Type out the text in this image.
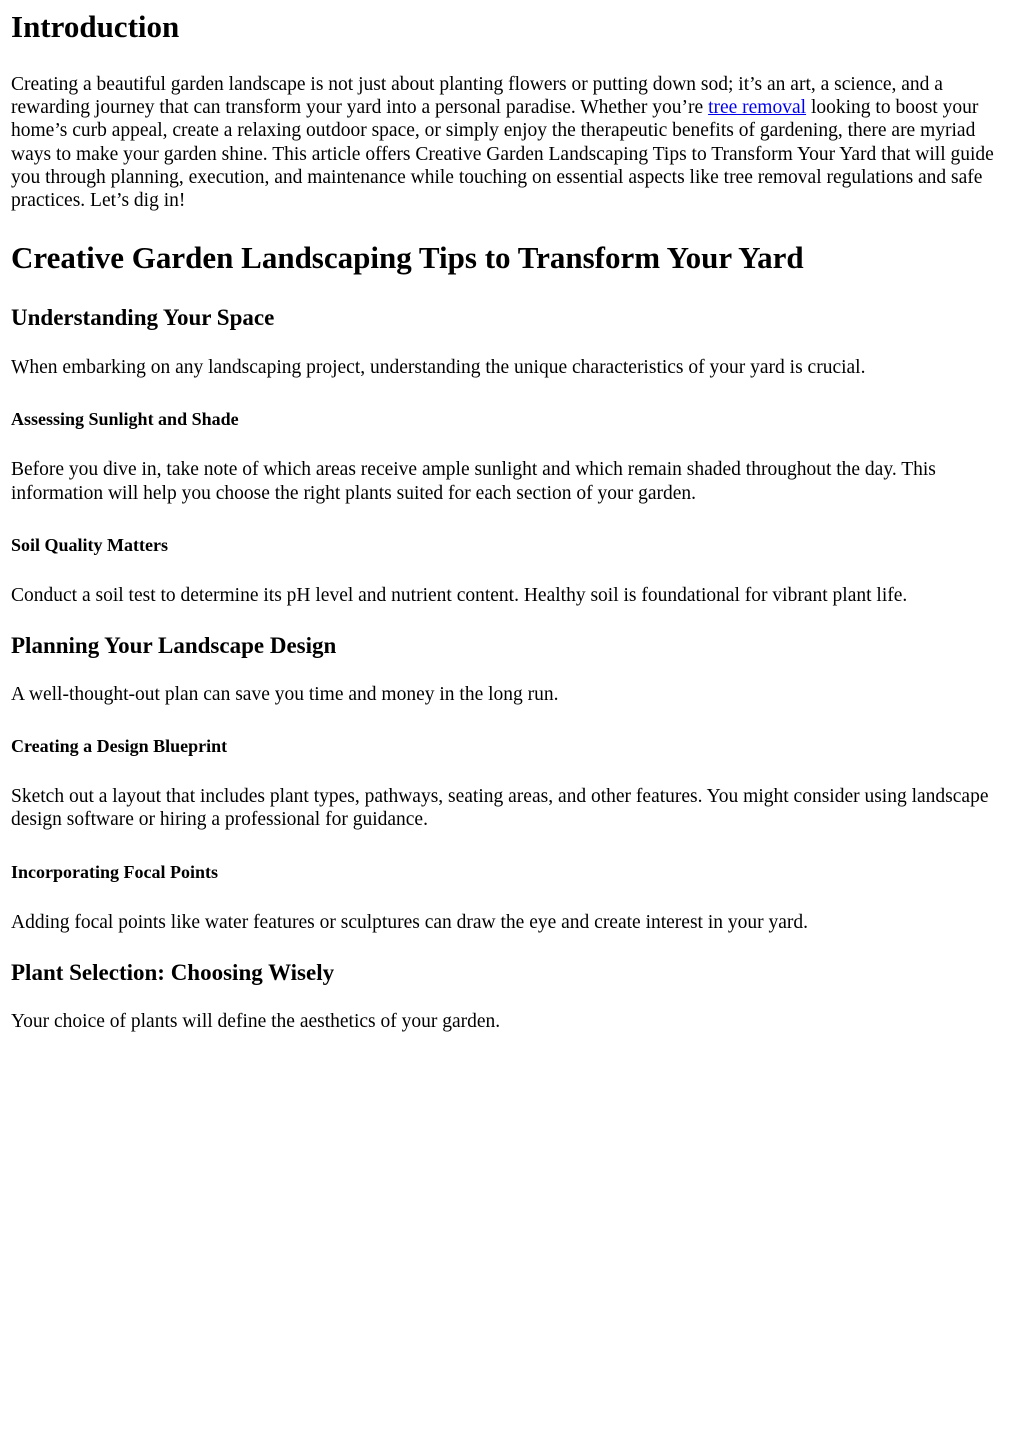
Introduction

Creating a beautiful garden landscape is not just about planting flowers or putting down sod; it’s an art, a science, and a rewarding journey that can transform your yard into a personal paradise. Whether you’re tree removal looking to boost your home’s curb appeal, create a relaxing outdoor space, or simply enjoy the therapeutic benefits of gardening, there are myriad ways to make your garden shine. This article offers Creative Garden Landscaping Tips to Transform Your Yard that will guide you through planning, execution, and maintenance while touching on essential aspects like tree removal regulations and safe practices. Let’s dig in!

Creative Garden Landscaping Tips to Transform Your Yard
Understanding Your Space

When embarking on any landscaping project, understanding the unique characteristics of your yard is crucial.

Assessing Sunlight and Shade

Before you dive in, take note of which areas receive ample sunlight and which remain shaded throughout the day. This information will help you choose the right plants suited for each section of your garden.

Soil Quality Matters

Conduct a soil test to determine its pH level and nutrient content. Healthy soil is foundational for vibrant plant life.

Planning Your Landscape Design

A well-thought-out plan can save you time and money in the long run.

Creating a Design Blueprint

Sketch out a layout that includes plant types, pathways, seating areas, and other features. You might consider using landscape design software or hiring a professional for guidance.

Incorporating Focal Points

Adding focal points like water features or sculptures can draw the eye and create interest in your yard.

Plant Selection: Choosing Wisely

Your choice of plants will define the aesthetics of your garden.
